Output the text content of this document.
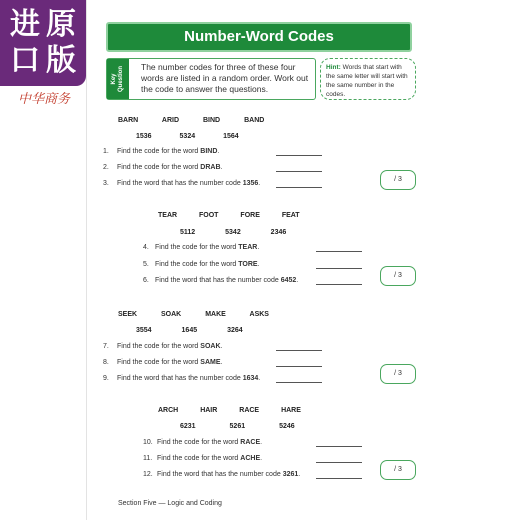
进 原
口 版
中华商务
Number-Word Codes
Key Question The number codes for three of these four words are listed in a random order. Work out the code to answer the questions.
Hint: Words that start with the same letter will start with the same number in the codes.
BARN	ARID	BIND	BAND
1536	5324	1564
1. Find the code for the word BIND.
2. Find the code for the word DRAB.
3. Find the word that has the number code 1356.
/ 3
TEAR	FOOT	FORE	FEAT
5112	5342	2346
4. Find the code for the word TEAR.
5. Find the code for the word TORE.
6. Find the word that has the number code 6452.
/ 3
SEEK	SOAK	MAKE	ASKS
3554	1645	3264
7. Find the code for the word SOAK.
8. Find the code for the word SAME.
9. Find the word that has the number code 1634.
/ 3
ARCH	HAIR	RACE	HARE
6231	5261	5246
10. Find the code for the word RACE.
11. Find the code for the word ACHE.
12. Find the word that has the number code 3261.
/ 3
Section Five — Logic and Coding
